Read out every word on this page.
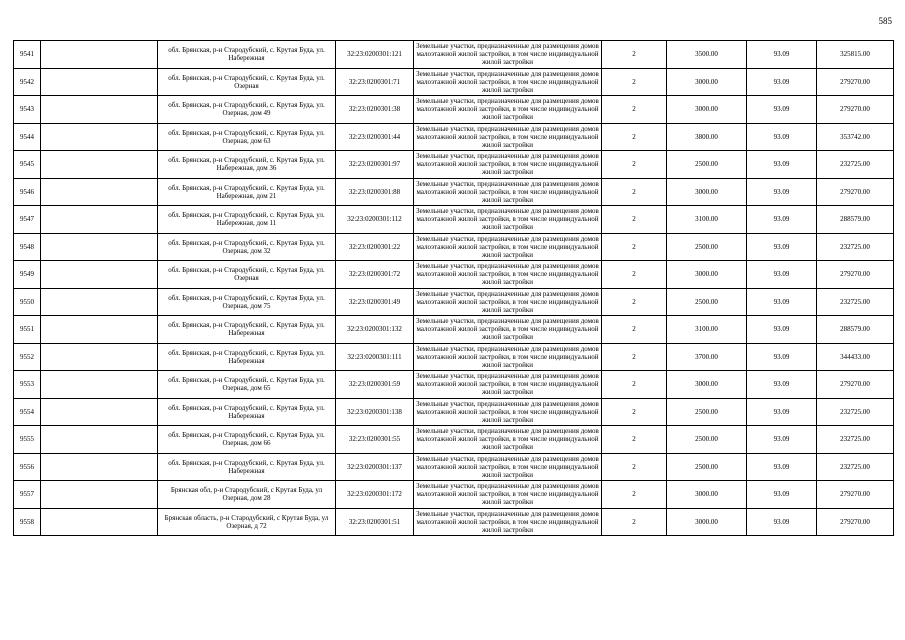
585
9541		обл. Брянская, р-н Стародубский, с. Крутая Буда, ул. Набережная	32:23:0200301:121	Земельные участки, предназначенные для размещения домов малоэтажной жилой застройки, в том числе индивидуальной жилой застройки	2	3500.00	93.09	325815.00
9542		обл. Брянская, р-н Стародубский, с. Крутая Буда, ул. Озерная	32:23:0200301:71	Земельные участки, предназначенные для размещения домов малоэтажной жилой застройки, в том числе индивидуальной жилой застройки	2	3000.00	93.09	279270.00
9543		обл. Брянская, р-н Стародубский, с. Крутая Буда, ул. Озерная, дом 49	32:23:0200301:38	Земельные участки, предназначенные для размещения домов малоэтажной жилой застройки, в том числе индивидуальной жилой застройки	2	3000.00	93.09	279270.00
9544		обл. Брянская, р-н Стародубский, с. Крутая Буда, ул. Озерная, дом 63	32:23:0200301:44	Земельные участки, предназначенные для размещения домов малоэтажной жилой застройки, в том числе индивидуальной жилой застройки	2	3800.00	93.09	353742.00
9545		обл. Брянская, р-н Стародубский, с. Крутая Буда, ул. Набережная, дом 36	32:23:0200301:97	Земельные участки, предназначенные для размещения домов малоэтажной жилой застройки, в том числе индивидуальной жилой застройки	2	2500.00	93.09	232725.00
9546		обл. Брянская, р-н Стародубский, с. Крутая Буда, ул. Набережная, дом 21	32:23:0200301:88	Земельные участки, предназначенные для размещения домов малоэтажной жилой застройки, в том числе индивидуальной жилой застройки	2	3000.00	93.09	279270.00
9547		обл. Брянская, р-н Стародубский, с. Крутая Буда, ул. Набережная, дом 11	32:23:0200301:112	Земельные участки, предназначенные для размещения домов малоэтажной жилой застройки, в том числе индивидуальной жилой застройки	2	3100.00	93.09	288579.00
9548		обл. Брянская, р-н Стародубский, с. Крутая Буда, ул. Озерная, дом 32	32:23:0200301:22	Земельные участки, предназначенные для размещения домов малоэтажной жилой застройки, в том числе индивидуальной жилой застройки	2	2500.00	93.09	232725.00
9549		обл. Брянская, р-н Стародубский, с. Крутая Буда, ул. Озерная	32:23:0200301:72	Земельные участки, предназначенные для размещения домов малоэтажной жилой застройки, в том числе индивидуальной жилой застройки	2	3000.00	93.09	279270.00
9550		обл. Брянская, р-н Стародубский, с. Крутая Буда, ул. Озерная, дом 75	32:23:0200301:49	Земельные участки, предназначенные для размещения домов малоэтажной жилой застройки, в том числе индивидуальной жилой застройки	2	2500.00	93.09	232725.00
9551		обл. Брянская, р-н Стародубский, с. Крутая Буда, ул. Набережная	32:23:0200301:132	Земельные участки, предназначенные для размещения домов малоэтажной жилой застройки, в том числе индивидуальной жилой застройки	2	3100.00	93.09	288579.00
9552		обл. Брянская, р-н Стародубский, с. Крутая Буда, ул. Набережная	32:23:0200301:111	Земельные участки, предназначенные для размещения домов малоэтажной жилой застройки, в том числе индивидуальной жилой застройки	2	3700.00	93.09	344433.00
9553		обл. Брянская, р-н Стародубский, с. Крутая Буда, ул. Озерная, дом 65	32:23:0200301:59	Земельные участки, предназначенные для размещения домов малоэтажной жилой застройки, в том числе индивидуальной жилой застройки	2	3000.00	93.09	279270.00
9554		обл. Брянская, р-н Стародубский, с. Крутая Буда, ул. Набережная	32:23:0200301:138	Земельные участки, предназначенные для размещения домов малоэтажной жилой застройки, в том числе индивидуальной жилой застройки	2	2500.00	93.09	232725.00
9555		обл. Брянская, р-н Стародубский, с. Крутая Буда, ул. Озерная, дом 66	32:23:0200301:55	Земельные участки, предназначенные для размещения домов малоэтажной жилой застройки, в том числе индивидуальной жилой застройки	2	2500.00	93.09	232725.00
9556		обл. Брянская, р-н Стародубский, с. Крутая Буда, ул. Набережная	32:23:0200301:137	Земельные участки, предназначенные для размещения домов малоэтажной жилой застройки, в том числе индивидуальной жилой застройки	2	2500.00	93.09	232725.00
9557		Брянская обл, р-н Стародубский, с Крутая Буда, ул Озерная, дом 28	32:23:0200301:172	Земельные участки, предназначенные для размещения домов малоэтажной жилой застройки, в том числе индивидуальной жилой застройки	2	3000.00	93.09	279270.00
9558		Брянская область, р-н Стародубский, с Крутая Буда, ул Озерная, д 72	32:23:0200301:51	Земельные участки, предназначенные для размещения домов малоэтажной жилой застройки, в том числе индивидуальной жилой застройки	2	3000.00	93.09	279270.00
